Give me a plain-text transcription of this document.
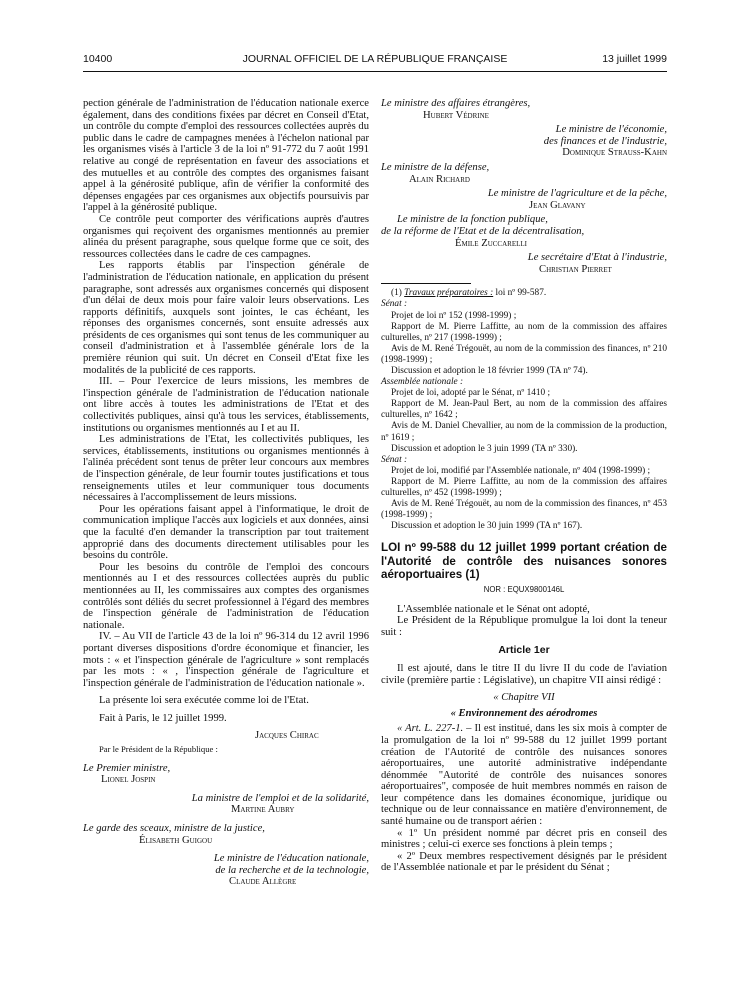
10400	JOURNAL OFFICIEL DE LA RÉPUBLIQUE FRANÇAISE	13 juillet 1999

pection générale de l'administration de l'éducation nationale exerce également, dans des conditions fixées par décret en Conseil d'Etat, un contrôle du compte d'emploi des ressources collectées auprès du public dans le cadre de campagnes menées à l'échelon national par les organismes visés à l'article 3 de la loi nº 91-772 du 7 août 1991 relative au congé de représentation en faveur des associations et des mutuelles et au contrôle des comptes des organismes faisant appel à la générosité publique, afin de vérifier la conformité des dépenses engagées par ces organismes aux objectifs poursuivis par l'appel à la générosité publique.

Ce contrôle peut comporter des vérifications auprès d'autres organismes qui reçoivent des organismes mentionnés au premier alinéa du présent paragraphe, sous quelque forme que ce soit, des ressources collectées dans le cadre de ces campagnes.

Les rapports établis par l'inspection générale de l'administration de l'éducation nationale, en application du présent paragraphe, sont adressés aux organismes concernés qui disposent d'un délai de deux mois pour faire valoir leurs observations. Les rapports définitifs, auxquels sont jointes, le cas échéant, les réponses des organismes concernés, sont ensuite adressés aux présidents de ces organismes qui sont tenus de les communiquer au conseil d'administration et à l'assemblée générale lors de la première réunion qui suit. Un décret en Conseil d'Etat fixe les modalités de la publicité de ces rapports.

III. – Pour l'exercice de leurs missions, les membres de l'inspection générale de l'administration de l'éducation nationale ont libre accès à toutes les administrations de l'Etat et des collectivités publiques, ainsi qu'à tous les services, établissements, institutions ou organismes mentionnés au I et au II.

Les administrations de l'Etat, les collectivités publiques, les services, établissements, institutions ou organismes mentionnés à l'alinéa précédent sont tenus de prêter leur concours aux membres de l'inspection générale, de leur fournir toutes justifications et tous renseignements utiles et leur communiquer tous documents nécessaires à l'accomplissement de leurs missions.

Pour les opérations faisant appel à l'informatique, le droit de communication implique l'accès aux logiciels et aux données, ainsi que la faculté d'en demander la transcription par tout traitement approprié dans des documents directement utilisables pour les besoins du contrôle.

Pour les besoins du contrôle de l'emploi des concours mentionnés au I et des ressources collectées auprès du public mentionnées au II, les commissaires aux comptes des organismes contrôlés sont déliés du secret professionnel à l'égard des membres de l'inspection générale de l'administration de l'éducation nationale.

IV. – Au VII de l'article 43 de la loi nº 96-314 du 12 avril 1996 portant diverses dispositions d'ordre économique et financier, les mots : « et l'inspection générale de l'agriculture » sont remplacés par les mots : « , l'inspection générale de l'agriculture et l'inspection générale de l'administration de l'éducation nationale ».

La présente loi sera exécutée comme loi de l'Etat.

Fait à Paris, le 12 juillet 1999.

Jacques Chirac

Par le Président de la République :

Le Premier ministre,

Lionel Jospin

La ministre de l'emploi et de la solidarité,

Martine Aubry

Le garde des sceaux, ministre de la justice,

Élisabeth Guigou

Le ministre de l'éducation nationale,

de la recherche et de la technologie,

Claude Allègre

Le ministre des affaires étrangères,

Hubert Védrine

Le ministre de l'économie,

des finances et de l'industrie,

Dominique Strauss-Kahn

Le ministre de la défense,

Alain Richard

Le ministre de l'agriculture et de la pêche,

Jean Glavany

Le ministre de la fonction publique,

de la réforme de l'Etat et de la décentralisation,

Émile Zuccarelli

Le secrétaire d'Etat à l'industrie,

Christian Pierret

(1) Travaux préparatoires : loi nº 99-587.

Sénat :

Projet de loi nº 152 (1998-1999) ;

Rapport de M. Pierre Laffitte, au nom de la commission des affaires culturelles, nº 217 (1998-1999) ;

Avis de M. René Trégouët, au nom de la commission des finances, nº 210 (1998-1999) ;

Discussion et adoption le 18 février 1999 (TA nº 74).

Assemblée nationale :

Projet de loi, adopté par le Sénat, nº 1410 ;

Rapport de M. Jean-Paul Bert, au nom de la commission des affaires culturelles, nº 1642 ;

Avis de M. Daniel Chevallier, au nom de la commission de la production, nº 1619 ;

Discussion et adoption le 3 juin 1999 (TA nº 330).

Sénat :

Projet de loi, modifié par l'Assemblée nationale, nº 404 (1998-1999) ;

Rapport de M. Pierre Laffitte, au nom de la commission des affaires culturelles, nº 452 (1998-1999) ;

Avis de M. René Trégouët, au nom de la commission des finances, nº 453 (1998-1999) ;

Discussion et adoption le 30 juin 1999 (TA nº 167).

LOI nº 99-588 du 12 juillet 1999 portant création de l'Autorité de contrôle des nuisances sonores aéroportuaires (1)
NOR : EQUX9800146L

L'Assemblée nationale et le Sénat ont adopté,

Le Président de la République promulgue la loi dont la teneur suit :

Article 1er

Il est ajouté, dans le titre II du livre II du code de l'aviation civile (première partie : Législative), un chapitre VII ainsi rédigé :

« Chapitre VII

« Environnement des aérodromes

« Art. L. 227-1. – Il est institué, dans les six mois à compter de la promulgation de la loi nº 99-588 du 12 juillet 1999 portant création de l'Autorité de contrôle des nuisances sonores aéroportuaires, une autorité administrative indépendante dénommée "Autorité de contrôle des nuisances sonores aéroportuaires", composée de huit membres nommés en raison de leur compétence dans les domaines économique, juridique ou technique ou de leur connaissance en matière d'environnement, de santé humaine ou de transport aérien :

« 1º Un président nommé par décret pris en conseil des ministres ; celui-ci exerce ses fonctions à plein temps ;

« 2º Deux membres respectivement désignés par le président de l'Assemblée nationale et par le président du Sénat ;
